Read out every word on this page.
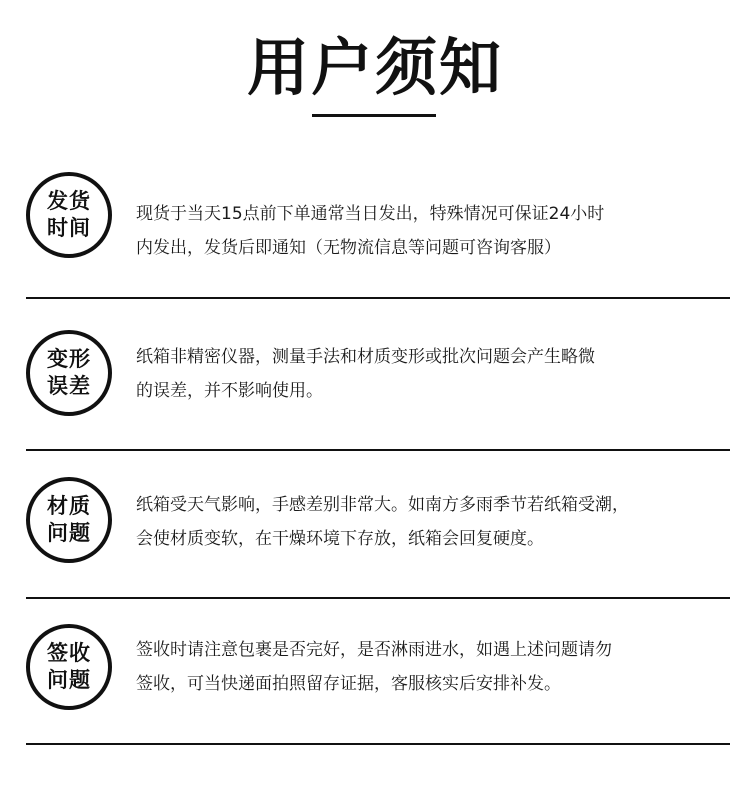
用户须知
发货
时间
现货于当天15点前下单通常当日发出，特殊情况可保证24小时
内发出，发货后即通知（无物流信息等问题可咨询客服）
变形
误差
纸箱非精密仪器，测量手法和材质变形或批次问题会产生略微
的误差，并不影响使用。
材质
问题
纸箱受天气影响，手感差别非常大。如南方多雨季节若纸箱受潮，
会使材质变软，在干燥环境下存放，纸箱会回复硬度。
签收
问题
签收时请注意包裹是否完好，是否淋雨进水，如遇上述问题请勿
签收，可当快递面拍照留存证据，客服核实后安排补发。
